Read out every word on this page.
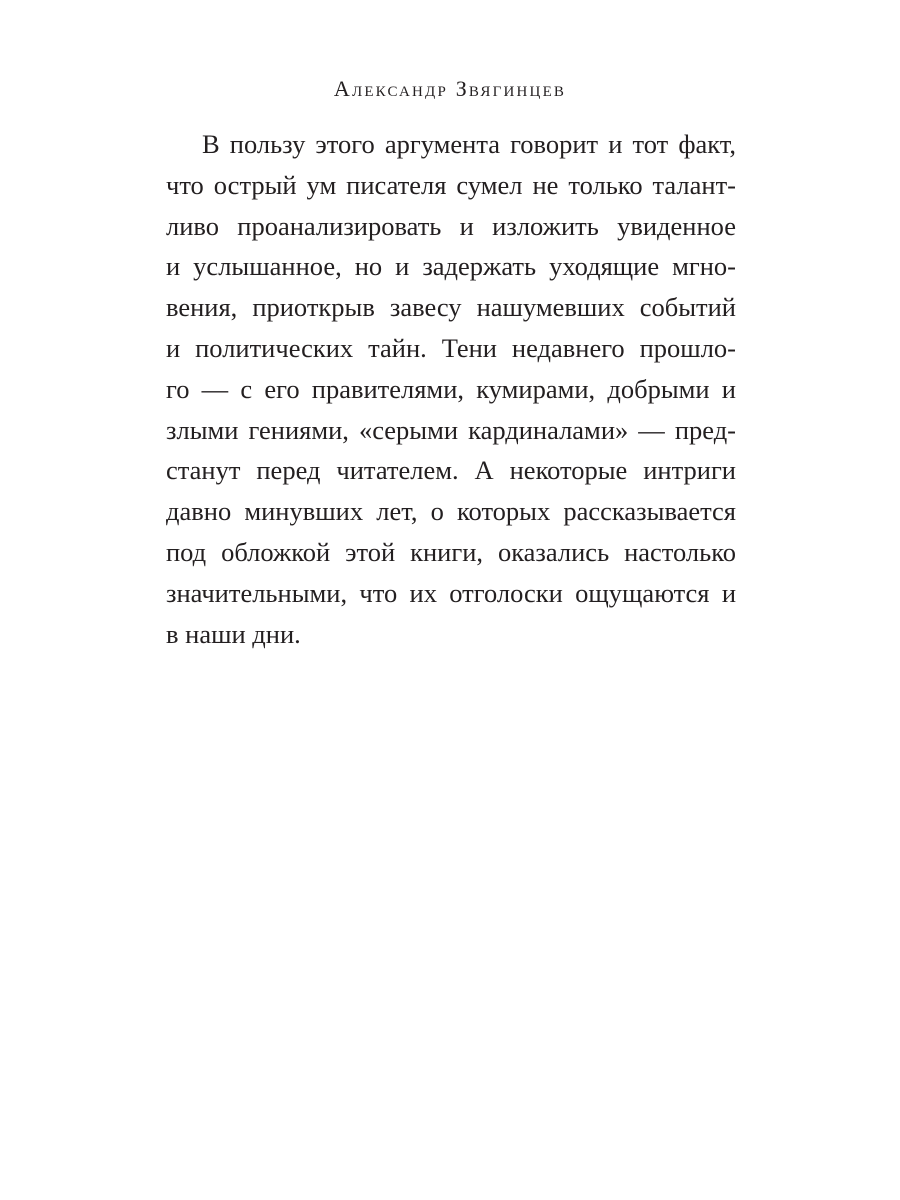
Александр Звягинцев
В пользу этого аргумента говорит и тот факт,
что острый ум писателя сумел не только талант-
ливо проанализировать и изложить увиденное
и услышанное, но и задержать уходящие мгно-
вения, приоткрыв завесу нашумевших событий
и политических тайн. Тени недавнего прошло-
го — с его правителями, кумирами, добрыми и
злыми гениями, «серыми кардиналами» — пред-
станут перед читателем. А некоторые интриги
давно минувших лет, о которых рассказывается
под обложкой этой книги, оказались настолько
значительными, что их отголоски ощущаются и
в наши дни.
